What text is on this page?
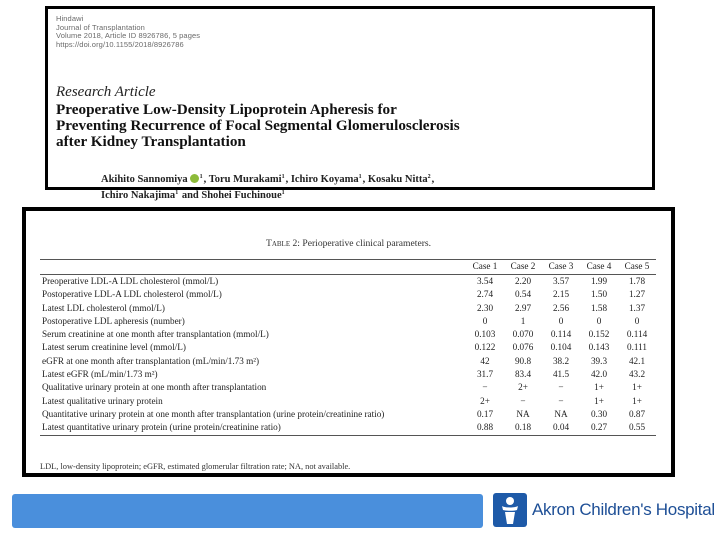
Hindawi
Journal of Transplantation
Volume 2018, Article ID 8926786, 5 pages
https://doi.org/10.1155/2018/8926786
Research Article
Preoperative Low-Density Lipoprotein Apheresis for
Preventing Recurrence of Focal Segmental Glomerulosclerosis
after Kidney Transplantation
Akihito Sannomiya $^1$, Toru Murakami$^1$, Ichiro Koyama$^1$, Kosaku Nitta$^2$,
Ichiro Nakajima$^1$ and Shohei Fuchinoue$^1$
Table 2: Perioperative clinical parameters.
	Case 1	Case 2	Case 3	Case 4	Case 5
Preoperative LDL-A LDL cholesterol (mmol/L)	3.54	2.20	3.57	1.99	1.78
Postoperative LDL-A LDL cholesterol (mmol/L)	2.74	0.54	2.15	1.50	1.27
Latest LDL cholesterol (mmol/L)	2.30	2.97	2.56	1.58	1.37
Postoperative LDL apheresis (number)	0	1	0	0	0
Serum creatinine at one month after transplantation (mmol/L)	0.103	0.070	0.114	0.152	0.114
Latest serum creatinine level (mmol/L)	0.122	0.076	0.104	0.143	0.111
eGFR at one month after transplantation (mL/min/1.73 m²)	42	90.8	38.2	39.3	42.1
Latest eGFR (mL/min/1.73 m²)	31.7	83.4	41.5	42.0	43.2
Qualitative urinary protein at one month after transplantation	−	2+	−	1+	1+
Latest qualitative urinary protein	2+	−	−	1+	1+
Quantitative urinary protein at one month after transplantation (urine protein/creatinine ratio)	0.17	NA	NA	0.30	0.87
Latest quantitative urinary protein (urine protein/creatinine ratio)	0.88	0.18	0.04	0.27	0.55
LDL, low-density lipoprotein; eGFR, estimated glomerular filtration rate; NA, not available.
Akron Children's Hospital
